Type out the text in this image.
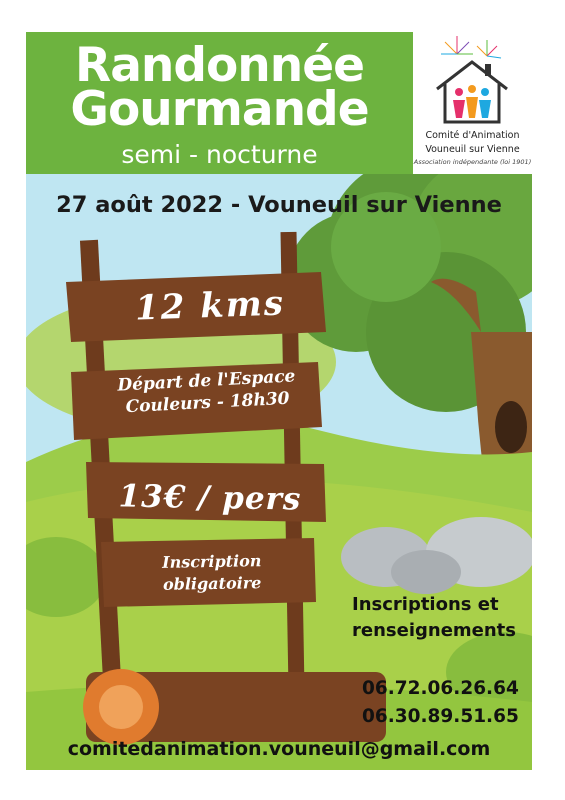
Randonnée
Gourmande
semi - nocturne
Comité d'Animation
Vouneuil sur Vienne
Association indépendante (loi 1901)
27 août 2022 - Vouneuil sur Vienne
12 kms
Départ de l'Espace
Couleurs - 18h30
13€ / pers
Inscription
obligatoire
Inscriptions et
renseignements
06.72.06.26.64
06.30.89.51.65
comitedanimation.vouneuil@gmail.com
